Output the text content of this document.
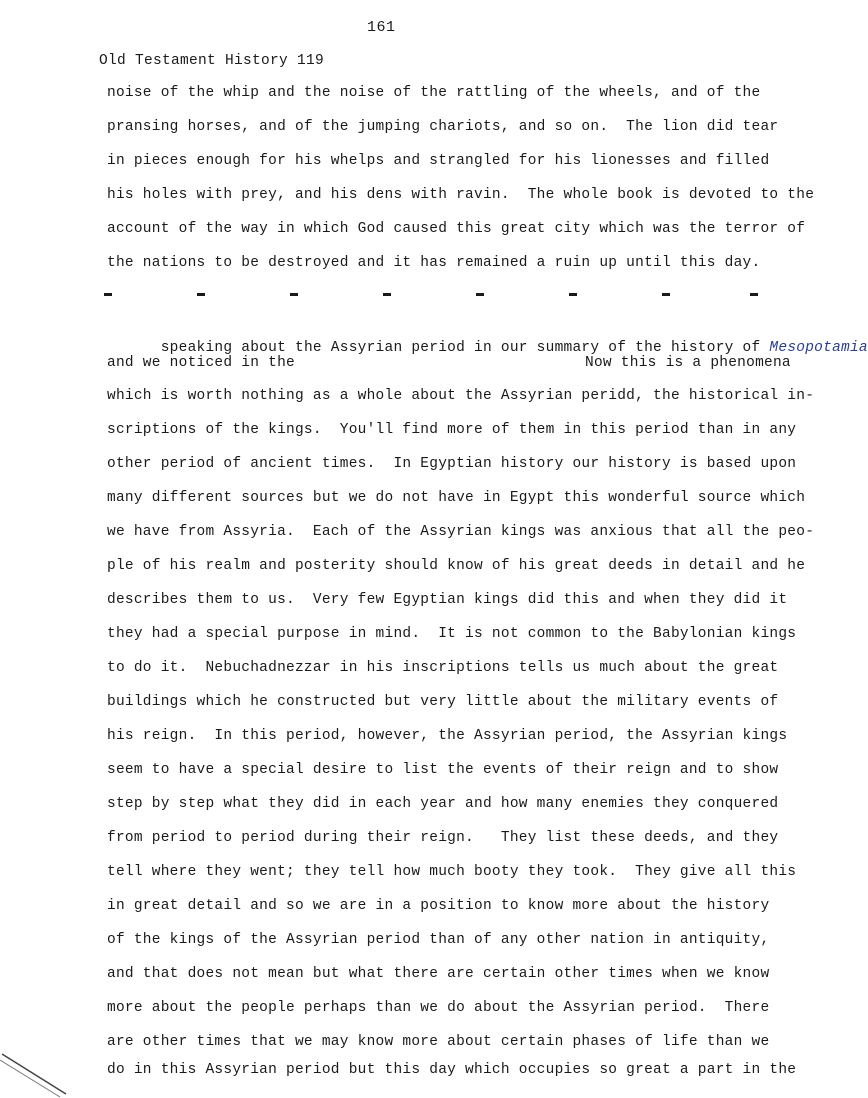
161
Old Testament History 119
noise of the whip and the noise of the rattling of the wheels, and of the
pransing horses, and of the jumping chariots, and so on.  The lion did tear
in pieces enough for his whelps and strangled for his lionesses and filled
his holes with prey, and his dens with ravin.  The whole book is devoted to the
account of the way in which God caused this great city which was the terror of
the nations to be destroyed and it has remained a ruin up until this day.

speaking about the Assyrian period in our summary of the history of Mesopotamia

and we noticed in the	Now this is a phenomena
which is worth nothing as a whole about the Assyrian peridd, the historical in-
scriptions of the kings.  You'll find more of them in this period than in any
other period of ancient times.  In Egyptian history our history is based upon
many different sources but we do not have in Egypt this wonderful source which
we have from Assyria.  Each of the Assyrian kings was anxious that all the peo-
ple of his realm and posterity should know of his great deeds in detail and he
describes them to us.  Very few Egyptian kings did this and when they did it
they had a special purpose in mind.  It is not common to the Babylonian kings
to do it.  Nebuchadnezzar in his inscriptions tells us much about the great
buildings which he constructed but very little about the military events of
his reign.  In this period, however, the Assyrian period, the Assyrian kings
seem to have a special desire to list the events of their reign and to show
step by step what they did in each year and how many enemies they conquered
from period to period during their reign.   They list these deeds, and they
tell where they went; they tell how much booty they took.  They give all this
in great detail and so we are in a position to know more about the history
of the kings of the Assyrian period than of any other nation in antiquity,
and that does not mean but what there are certain other times when we know
more about the people perhaps than we do about the Assyrian period.  There
are other times that we may know more about certain phases of life than we
do in this Assyrian period but this day which occupies so great a part in the
